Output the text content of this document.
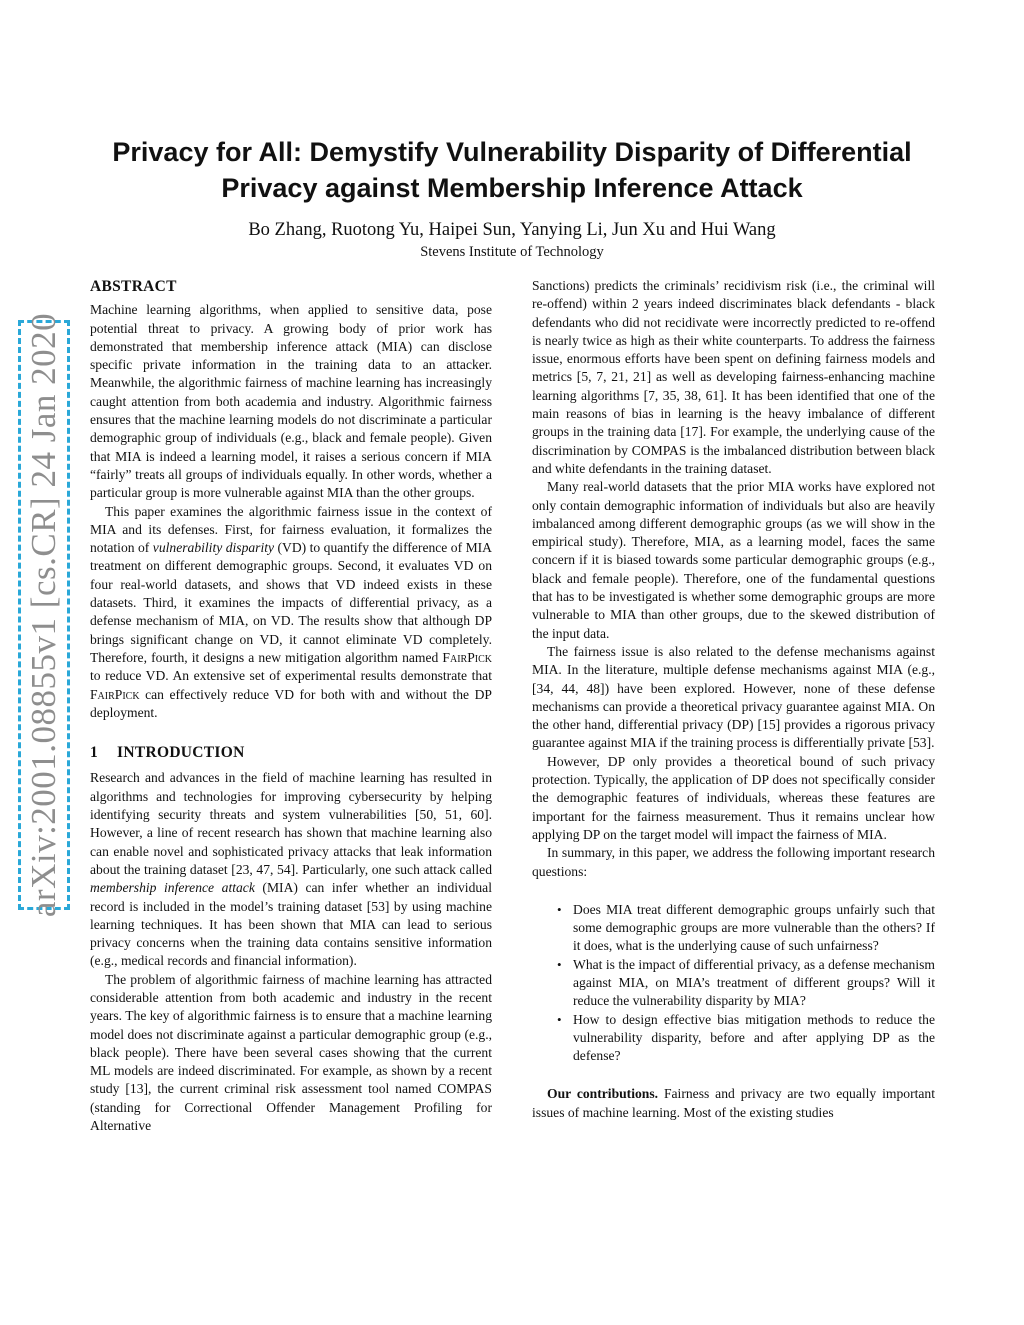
arXiv:2001.08855v1 [cs.CR] 24 Jan 2020
Privacy for All: Demystify Vulnerability Disparity of Differential
Privacy against Membership Inference Attack

Bo Zhang, Ruotong Yu, Haipei Sun, Yanying Li, Jun Xu and Hui Wang

Stevens Institute of Technology

ABSTRACT

Machine learning algorithms, when applied to sensitive data, pose potential threat to privacy. A growing body of prior work has demonstrated that membership inference attack (MIA) can disclose specific private information in the training data to an attacker. Meanwhile, the algorithmic fairness of machine learning has increasingly caught attention from both academia and industry. Algorithmic fairness ensures that the machine learning models do not discriminate a particular demographic group of individuals (e.g., black and female people). Given that MIA is indeed a learning model, it raises a serious concern if MIA “fairly” treats all groups of individuals equally. In other words, whether a particular group is more vulnerable against MIA than the other groups.

This paper examines the algorithmic fairness issue in the context of MIA and its defenses. First, for fairness evaluation, it formalizes the notation of vulnerability disparity (VD) to quantify the difference of MIA treatment on different demographic groups. Second, it evaluates VD on four real-world datasets, and shows that VD indeed exists in these datasets. Third, it examines the impacts of differential privacy, as a defense mechanism of MIA, on VD. The results show that although DP brings significant change on VD, it cannot eliminate VD completely. Therefore, fourth, it designs a new mitigation algorithm named FairPick to reduce VD. An extensive set of experimental results demonstrate that FairPick can effectively reduce VD for both with and without the DP deployment.

1 INTRODUCTION

Research and advances in the field of machine learning has resulted in algorithms and technologies for improving cybersecurity by helping identifying security threats and system vulnerabilities [50, 51, 60]. However, a line of recent research has shown that machine learning also can enable novel and sophisticated privacy attacks that leak information about the training dataset [23, 47, 54]. Particularly, one such attack called membership inference attack (MIA) can infer whether an individual record is included in the model’s training dataset [53] by using machine learning techniques. It has been shown that MIA can lead to serious privacy concerns when the training data contains sensitive information (e.g., medical records and financial information).

The problem of algorithmic fairness of machine learning has attracted considerable attention from both academic and industry in the recent years. The key of algorithmic fairness is to ensure that a machine learning model does not discriminate against a particular demographic group (e.g., black people). There have been several cases showing that the current ML models are indeed discriminated. For example, as shown by a recent study [13], the current criminal risk assessment tool named COMPAS (standing for Correctional Offender Management Profiling for Alternative

Sanctions) predicts the criminals’ recidivism risk (i.e., the criminal will re-offend) within 2 years indeed discriminates black defendants - black defendants who did not recidivate were incorrectly predicted to re-offend is nearly twice as high as their white counterparts. To address the fairness issue, enormous efforts have been spent on defining fairness models and metrics [5, 7, 21, 21] as well as developing fairness-enhancing machine learning algorithms [7, 35, 38, 61]. It has been identified that one of the main reasons of bias in learning is the heavy imbalance of different groups in the training data [17]. For example, the underlying cause of the discrimination by COMPAS is the imbalanced distribution between black and white defendants in the training dataset.

Many real-world datasets that the prior MIA works have explored not only contain demographic information of individuals but also are heavily imbalanced among different demographic groups (as we will show in the empirical study). Therefore, MIA, as a learning model, faces the same concern if it is biased towards some particular demographic groups (e.g., black and female people). Therefore, one of the fundamental questions that has to be investigated is whether some demographic groups are more vulnerable to MIA than other groups, due to the skewed distribution of the input data.

The fairness issue is also related to the defense mechanisms against MIA. In the literature, multiple defense mechanisms against MIA (e.g., [34, 44, 48]) have been explored. However, none of these defense mechanisms can provide a theoretical privacy guarantee against MIA. On the other hand, differential privacy (DP) [15] provides a rigorous privacy guarantee against MIA if the training process is differentially private [53].

However, DP only provides a theoretical bound of such privacy protection. Typically, the application of DP does not specifically consider the demographic features of individuals, whereas these features are important for the fairness measurement. Thus it remains unclear how applying DP on the target model will impact the fairness of MIA.

In summary, in this paper, we address the following important research questions:

• Does MIA treat different demographic groups unfairly such that some demographic groups are more vulnerable than the others? If it does, what is the underlying cause of such unfairness?
• What is the impact of differential privacy, as a defense mechanism against MIA, on MIA’s treatment of different groups? Will it reduce the vulnerability disparity by MIA?
• How to design effective bias mitigation methods to reduce the vulnerability disparity, before and after applying DP as the defense?

Our contributions. Fairness and privacy are two equally important issues of machine learning. Most of the existing studies
